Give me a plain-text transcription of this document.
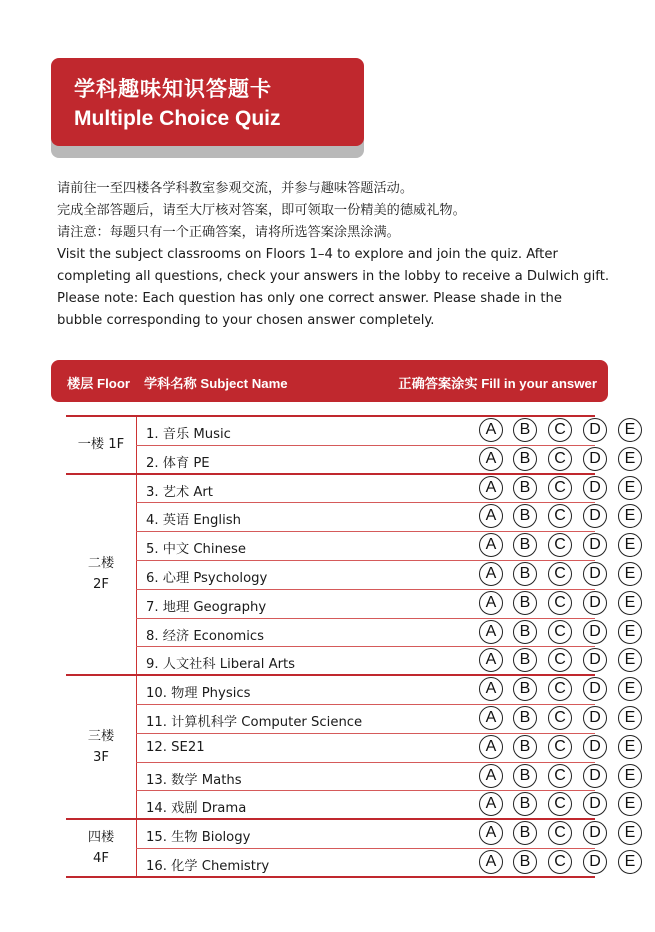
学科趣味知识答题卡
Multiple Choice Quiz
请前往一至四楼各学科教室参观交流，并参与趣味答题活动。
完成全部答题后，请至大厅核对答案，即可领取一份精美的德威礼物。
请注意：每题只有一个正确答案，请将所选答案涂黑涂满。
Visit the subject classrooms on Floors 1–4 to explore and join the quiz. After
completing all questions, check your answers in the lobby to receive a Dulwich gift.
Please note: Each question has only one correct answer. Please shade in the
bubble corresponding to your chosen answer completely.
楼层 Floor 学科名称 Subject Name	正确答案涂实 Fill in your answer
一楼 1F
1. 音乐 Music	A	B	C	D	E
2. 体育 PE	A	B	C	D	E
二楼
2F
3. 艺术 Art	A	B	C	D	E
4. 英语 English	A	B	C	D	E
5. 中文 Chinese	A	B	C	D	E
6. 心理 Psychology	A	B	C	D	E
7. 地理 Geography	A	B	C	D	E
8. 经济 Economics	A	B	C	D	E
9. 人文社科 Liberal Arts	A	B	C	D	E
三楼
3F
10. 物理 Physics	A	B	C	D	E
11. 计算机科学 Computer Science	A	B	C	D	E
12. SE21	A	B	C	D	E
13. 数学 Maths	A	B	C	D	E
14. 戏剧 Drama	A	B	C	D	E
四楼
4F
15. 生物 Biology	A	B	C	D	E
16. 化学 Chemistry	A	B	C	D	E
